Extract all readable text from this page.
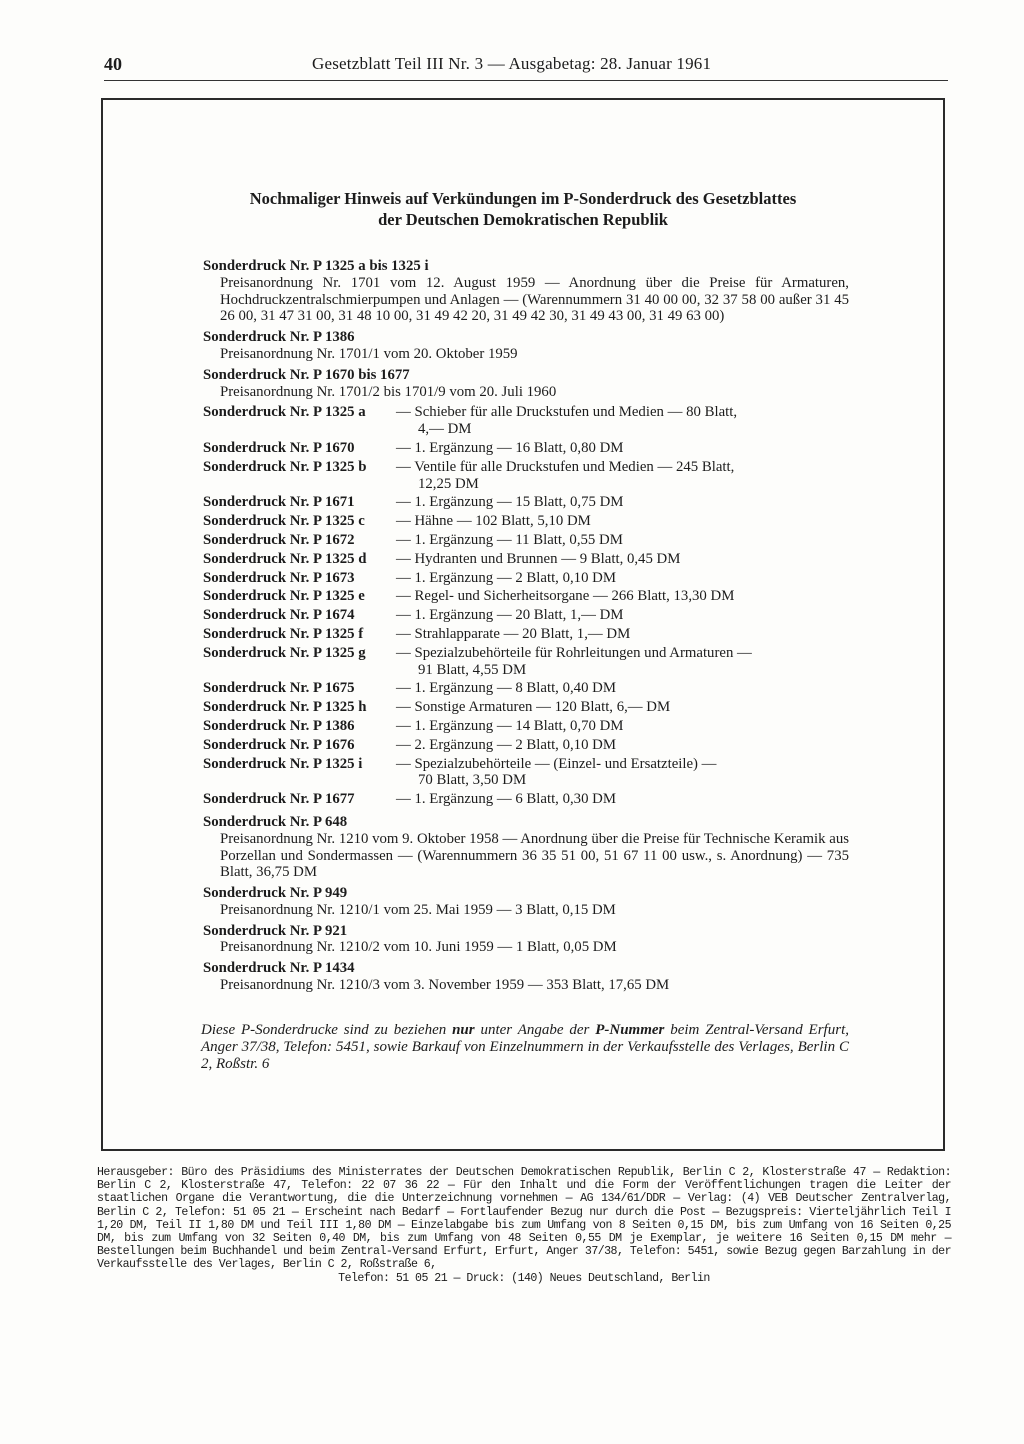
40	Gesetzblatt Teil III Nr. 3 — Ausgabetag: 28. Januar 1961
Nochmaliger Hinweis auf Verkündungen im P-Sonderdruck des Gesetzblattes
der Deutschen Demokratischen Republik
Sonderdruck Nr. P 1325 a bis 1325 i
Preisanordnung Nr. 1701 vom 12. August 1959 — Anordnung über die Preise für Armaturen, Hochdruckzentralschmierpumpen und Anlagen — (Warennummern 31 40 00 00, 32 37 58 00 außer 31 45 26 00, 31 47 31 00, 31 48 10 00, 31 49 42 20, 31 49 42 30, 31 49 43 00, 31 49 63 00)
Sonderdruck Nr. P 1386
Preisanordnung Nr. 1701/1 vom 20. Oktober 1959
Sonderdruck Nr. P 1670 bis 1677
Preisanordnung Nr. 1701/2 bis 1701/9 vom 20. Juli 1960
Sonderdruck Nr. P 1325 a	— Schieber für alle Druckstufen und Medien — 80 Blatt,
4,— DM
Sonderdruck Nr. P 1670	— 1. Ergänzung — 16 Blatt, 0,80 DM
Sonderdruck Nr. P 1325 b	— Ventile für alle Druckstufen und Medien — 245 Blatt,
12,25 DM
Sonderdruck Nr. P 1671	— 1. Ergänzung — 15 Blatt, 0,75 DM
Sonderdruck Nr. P 1325 c	— Hähne — 102 Blatt, 5,10 DM
Sonderdruck Nr. P 1672	— 1. Ergänzung — 11 Blatt, 0,55 DM
Sonderdruck Nr. P 1325 d	— Hydranten und Brunnen — 9 Blatt, 0,45 DM
Sonderdruck Nr. P 1673	— 1. Ergänzung — 2 Blatt, 0,10 DM
Sonderdruck Nr. P 1325 e	— Regel- und Sicherheitsorgane — 266 Blatt, 13,30 DM
Sonderdruck Nr. P 1674	— 1. Ergänzung — 20 Blatt, 1,— DM
Sonderdruck Nr. P 1325 f	— Strahlapparate — 20 Blatt, 1,— DM
Sonderdruck Nr. P 1325 g	— Spezialzubehörteile für Rohrleitungen und Armaturen —
91 Blatt, 4,55 DM
Sonderdruck Nr. P 1675	— 1. Ergänzung — 8 Blatt, 0,40 DM
Sonderdruck Nr. P 1325 h	— Sonstige Armaturen — 120 Blatt, 6,— DM
Sonderdruck Nr. P 1386	— 1. Ergänzung — 14 Blatt, 0,70 DM
Sonderdruck Nr. P 1676	— 2. Ergänzung — 2 Blatt, 0,10 DM
Sonderdruck Nr. P 1325 i	— Spezialzubehörteile — (Einzel- und Ersatzteile) —
70 Blatt, 3,50 DM
Sonderdruck Nr. P 1677	— 1. Ergänzung — 6 Blatt, 0,30 DM
Sonderdruck Nr. P 648
Preisanordnung Nr. 1210 vom 9. Oktober 1958 — Anordnung über die Preise für Technische Keramik aus Porzellan und Sondermassen — (Warennummern 36 35 51 00, 51 67 11 00 usw., s. Anordnung) — 735 Blatt, 36,75 DM
Sonderdruck Nr. P 949
Preisanordnung Nr. 1210/1 vom 25. Mai 1959 — 3 Blatt, 0,15 DM
Sonderdruck Nr. P 921
Preisanordnung Nr. 1210/2 vom 10. Juni 1959 — 1 Blatt, 0,05 DM
Sonderdruck Nr. P 1434
Preisanordnung Nr. 1210/3 vom 3. November 1959 — 353 Blatt, 17,65 DM
Diese P-Sonderdrucke sind zu beziehen nur unter Angabe der P-Nummer beim Zentral-Versand Erfurt, Anger 37/38, Telefon: 5451, sowie Barkauf von Einzelnummern in der Verkaufsstelle des Verlages, Berlin C 2, Roßstr. 6
Herausgeber: Büro des Präsidiums des Ministerrates der Deutschen Demokratischen Republik, Berlin C 2, Klosterstraße 47 — Redaktion: Berlin C 2, Klosterstraße 47, Telefon: 22 07 36 22 — Für den Inhalt und die Form der Veröffentlichungen tragen die Leiter der staatlichen Organe die Verantwortung, die die Unterzeichnung vornehmen — AG 134/61/DDR — Verlag: (4) VEB Deutscher Zentralverlag, Berlin C 2, Telefon: 51 05 21 — Erscheint nach Bedarf — Fortlaufender Bezug nur durch die Post — Bezugspreis: Vierteljährlich Teil I 1,20 DM, Teil II 1,80 DM und Teil III 1,80 DM — Einzelabgabe bis zum Umfang von 8 Seiten 0,15 DM, bis zum Umfang von 16 Seiten 0,25 DM, bis zum Umfang von 32 Seiten 0,40 DM, bis zum Umfang von 48 Seiten 0,55 DM je Exemplar, je weitere 16 Seiten 0,15 DM mehr — Bestellungen beim Buchhandel und beim Zentral-Versand Erfurt, Erfurt, Anger 37/38, Telefon: 5451, sowie Bezug gegen Barzahlung in der Verkaufsstelle des Verlages, Berlin C 2, Roßstraße 6,
Telefon: 51 05 21 — Druck: (140) Neues Deutschland, Berlin
